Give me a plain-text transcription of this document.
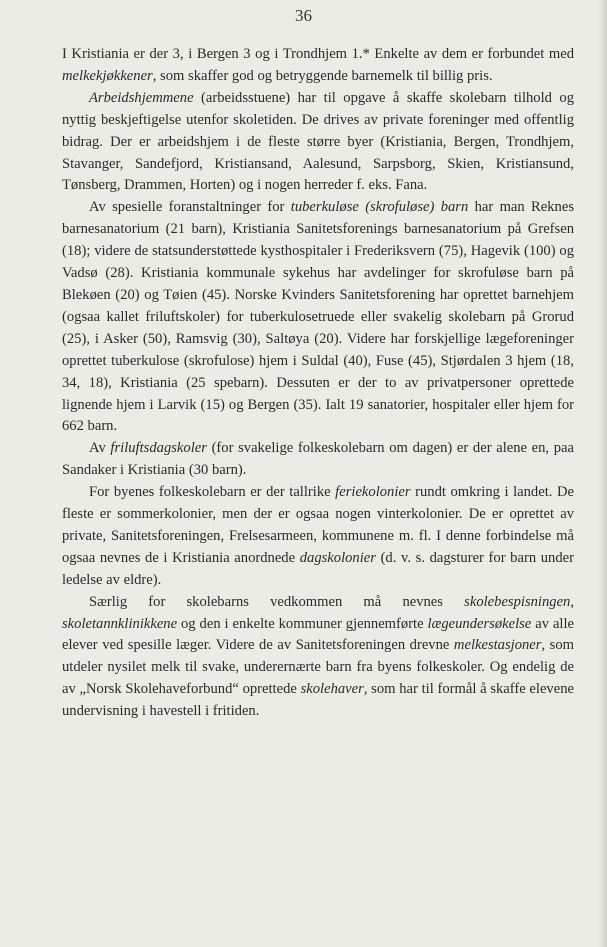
36

I Kristiania er der 3, i Bergen 3 og i Trondhjem 1.* Enkelte av dem er forbundet med melkekjøkkener, som skaffer god og betryggende barnemelk til billig pris.

Arbeidshjemmene (arbeidsstuene) har til opgave å skaffe skolebarn tilhold og nyttig beskjeftigelse utenfor skoletiden. De drives av private foreninger med offentlig bidrag. Der er arbeidshjem i de fleste større byer (Kristiania, Bergen, Trondhjem, Stavanger, Sandefjord, Kristiansand, Aalesund, Sarpsborg, Skien, Kristiansund, Tønsberg, Drammen, Horten) og i nogen herreder f. eks. Fana.

Av spesielle foranstaltninger for tuberkuløse (skrofuløse) barn har man Reknes barnesanatorium (21 barn), Kristiania Sanitetsforenings barnesanatorium på Grefsen (18); videre de statsunderstøttede kysthospitaler i Frederiksvern (75), Hagevik (100) og Vadsø (28). Kristiania kommunale sykehus har avdelinger for skrofuløse barn på Blekøen (20) og Tøien (45). Norske Kvinders Sanitetsforening har oprettet barnehjem (ogsaa kallet friluftskoler) for tuberkulosetruede eller svakelig skolebarn på Grorud (25), i Asker (50), Ramsvig (30), Saltøya (20). Videre har forskjellige lægeforeninger oprettet tuberkulose (skrofulose) hjem i Suldal (40), Fuse (45), Stjørdalen 3 hjem (18, 34, 18), Kristiania (25 spebarn). Dessuten er der to av privatpersoner oprettede lignende hjem i Larvik (15) og Bergen (35). Ialt 19 sanatorier, hospitaler eller hjem for 662 barn.

Av friluftsdagskoler (for svakelige folkeskolebarn om dagen) er der alene en, paa Sandaker i Kristiania (30 barn).

For byenes folkeskolebarn er der tallrike feriekolonier rundt omkring i landet. De fleste er sommerkolonier, men der er ogsaa nogen vinterkolonier. De er oprettet av private, Sanitetsforeningen, Frelsesarmeen, kommunene m. fl. I denne forbindelse må ogsaa nevnes de i Kristiania anordnede dagskolonier (d. v. s. dagsturer for barn under ledelse av eldre).

Særlig for skolebarns vedkommen må nevnes skolebespisningen, skoletannklinikkene og den i enkelte kommuner gjennemførte lægeundersøkelse av alle elever ved spesille læger. Videre de av Sanitetsforeningen drevne melkestasjoner, som utdeler nysilet melk til svake, underernærte barn fra byens folkeskoler. Og endelig de av „Norsk Skolehaveforbund“ oprettede skolehaver, som har til formål å skaffe elevene undervisning i havestell i fritiden.
